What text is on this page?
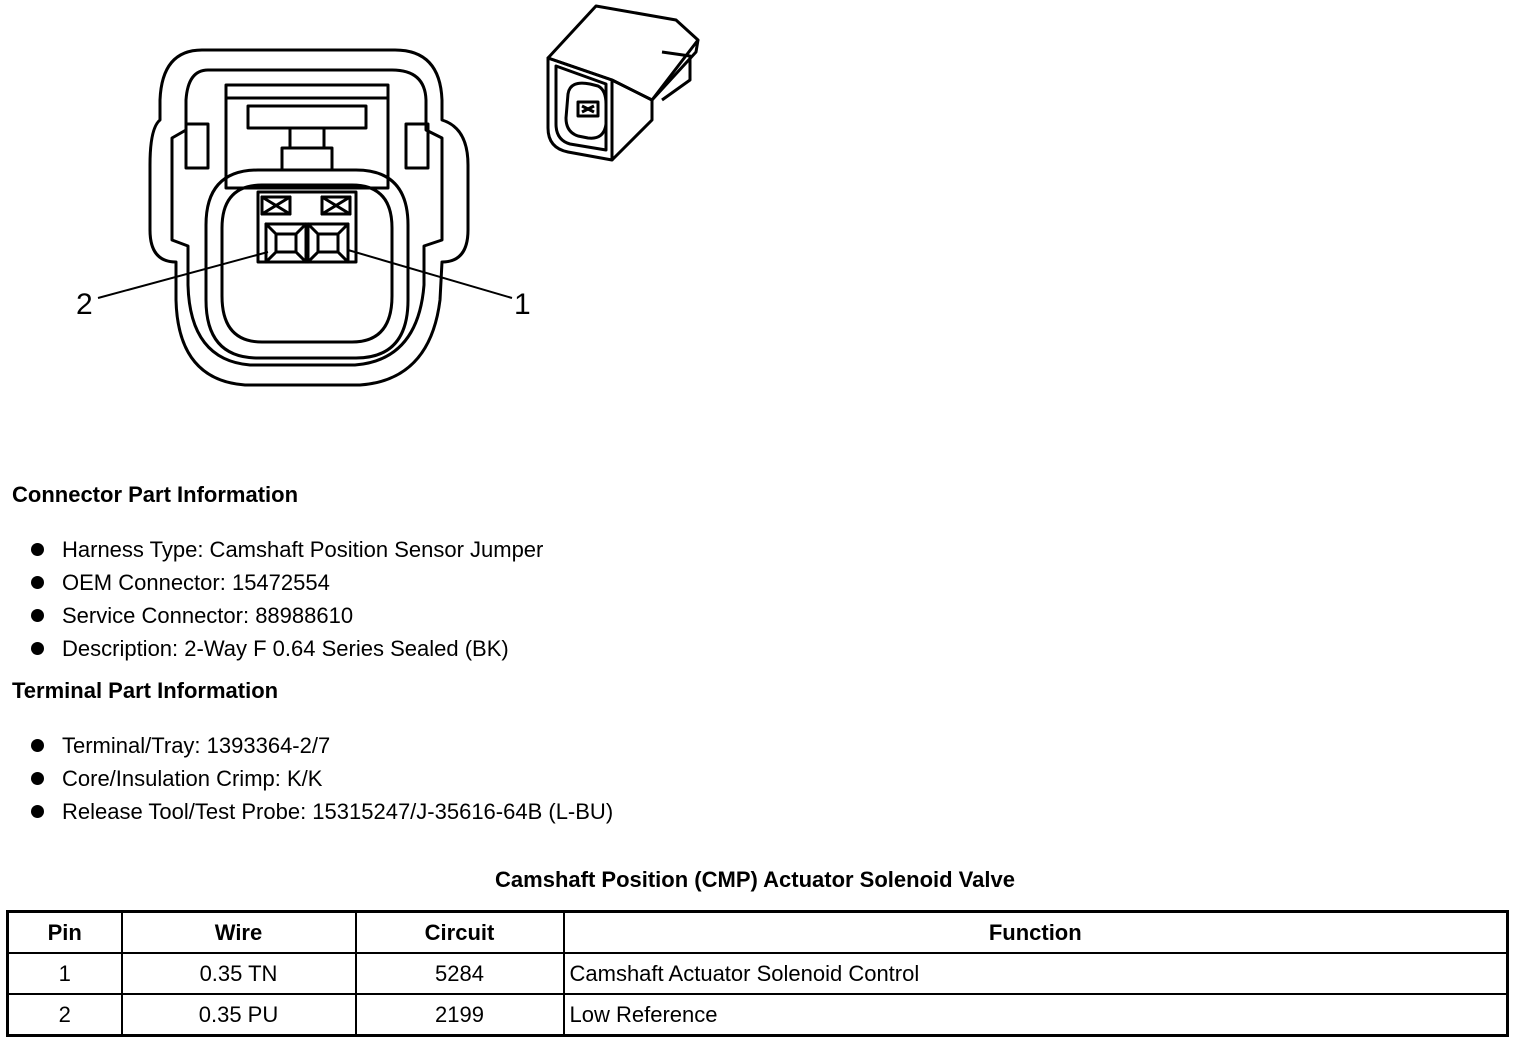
2	1
Connector Part Information
Harness Type: Camshaft Position Sensor Jumper
OEM Connector: 15472554
Service Connector: 88988610
Description: 2-Way F 0.64 Series Sealed (BK)
Terminal Part Information
Terminal/Tray: 1393364-2/7
Core/Insulation Crimp: K/K
Release Tool/Test Probe: 15315247/J-35616-64B (L-BU)
Camshaft Position (CMP) Actuator Solenoid Valve
Pin	Wire	Circuit	Function
1	0.35 TN	5284	Camshaft Actuator Solenoid Control
2	0.35 PU	2199	Low Reference
